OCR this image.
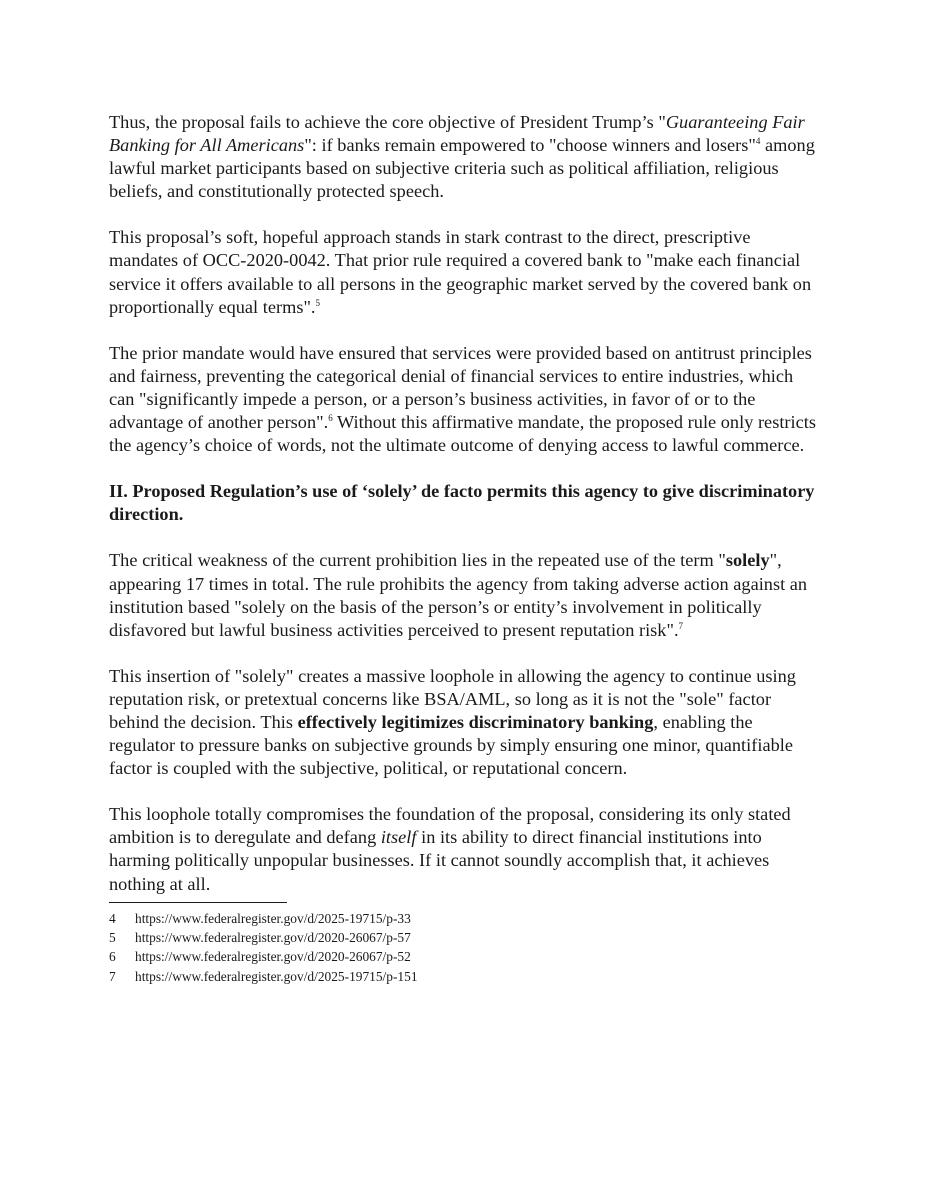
Thus, the proposal fails to achieve the core objective of President Trump’s "Guaranteeing Fair Banking for All Americans": if banks remain empowered to "choose winners and losers"$^4$ among lawful market participants based on subjective criteria such as political affiliation, religious beliefs, and constitutionally protected speech.

This proposal’s soft, hopeful approach stands in stark contrast to the direct, prescriptive mandates of OCC-2020-0042. That prior rule required a covered bank to "make each financial service it offers available to all persons in the geographic market served by the covered bank on proportionally equal terms".$^5$

The prior mandate would have ensured that services were provided based on antitrust principles and fairness, preventing the categorical denial of financial services to entire industries, which can "significantly impede a person, or a person’s business activities, in favor of or to the advantage of another person".$^6$ Without this affirmative mandate, the proposed rule only restricts the agency’s choice of words, not the ultimate outcome of denying access to lawful commerce.

II. Proposed Regulation’s use of ‘solely’ de facto permits this agency to give discriminatory direction.

The critical weakness of the current prohibition lies in the repeated use of the term "solely", appearing 17 times in total. The rule prohibits the agency from taking adverse action against an institution based "solely on the basis of the person’s or entity’s involvement in politically disfavored but lawful business activities perceived to present reputation risk".$^7$

This insertion of "solely" creates a massive loophole in allowing the agency to continue using reputation risk, or pretextual concerns like BSA/AML, so long as it is not the "sole" factor behind the decision. This effectively legitimizes discriminatory banking, enabling the regulator to pressure banks on subjective grounds by simply ensuring one minor, quantifiable factor is coupled with the subjective, political, or reputational concern.

This loophole totally compromises the foundation of the proposal, considering its only stated ambition is to deregulate and defang itself in its ability to direct financial institutions into harming politically unpopular businesses. If it cannot soundly accomplish that, it achieves nothing at all.

4	https://www.federalregister.gov/d/2025-19715/p-33
5	https://www.federalregister.gov/d/2020-26067/p-57
6	https://www.federalregister.gov/d/2020-26067/p-52
7	https://www.federalregister.gov/d/2025-19715/p-151
